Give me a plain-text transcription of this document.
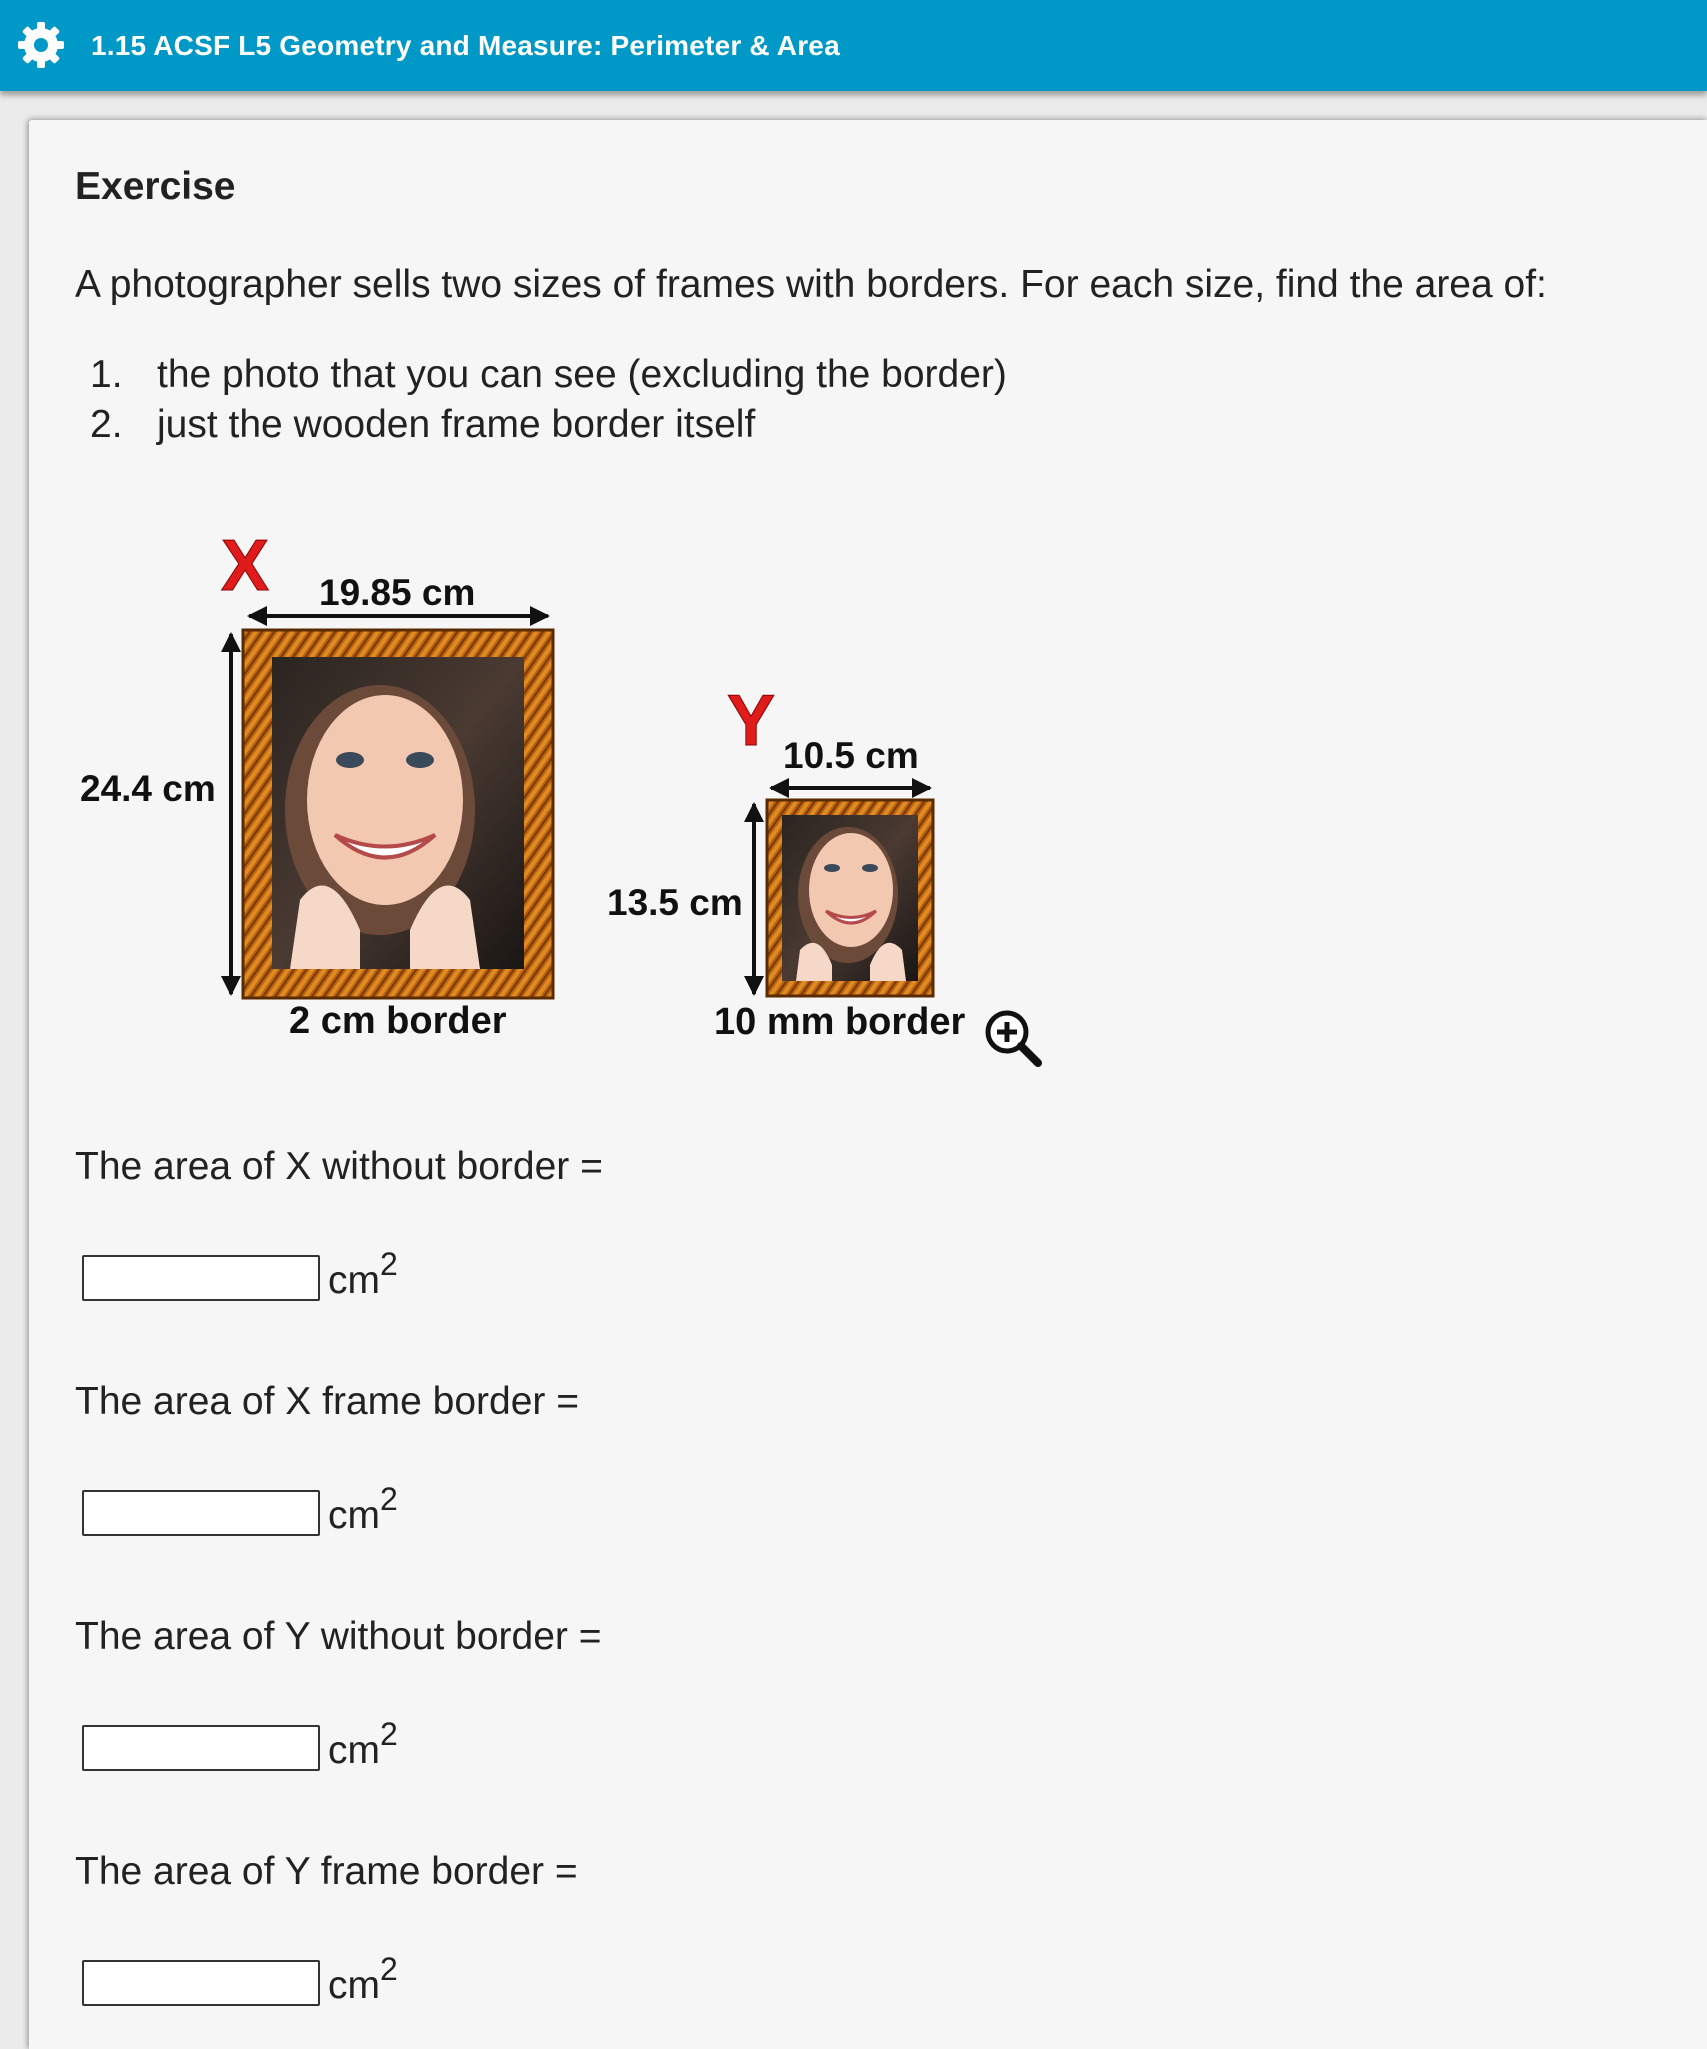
1.15 ACSF L5 Geometry and Measure: Perimeter & Area
Exercise
A photographer sells two sizes of frames with borders. For each size, find the area of:
1. the photo that you can see (excluding the border)
2. just the wooden frame border itself
X 19.85 cm
24.4 cm
2 cm border
Y 10.5 cm
13.5 cm
10 mm border
The area of X without border =
$cm^2$
The area of X frame border =
$cm^2$
The area of Y without border =
$cm^2$
The area of Y frame border =
$cm^2$
